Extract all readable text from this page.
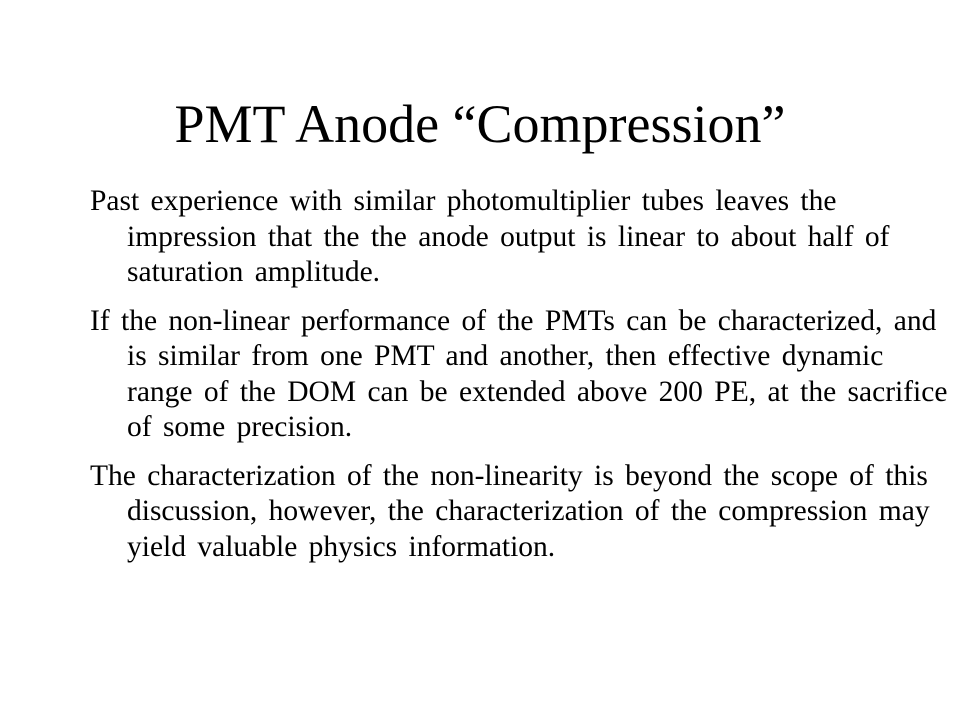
PMT Anode “Compression”

Past experience with similar photomultiplier tubes leaves the impression that the the anode output is linear to about half of saturation amplitude.

If the non-linear performance of the PMTs can be characterized, and is similar from one PMT and another, then effective dynamic range of the DOM can be extended above 200 PE, at the sacrifice of some precision.

The characterization of the non-linearity is beyond the scope of this discussion, however, the characterization of the compression may yield valuable physics information.
